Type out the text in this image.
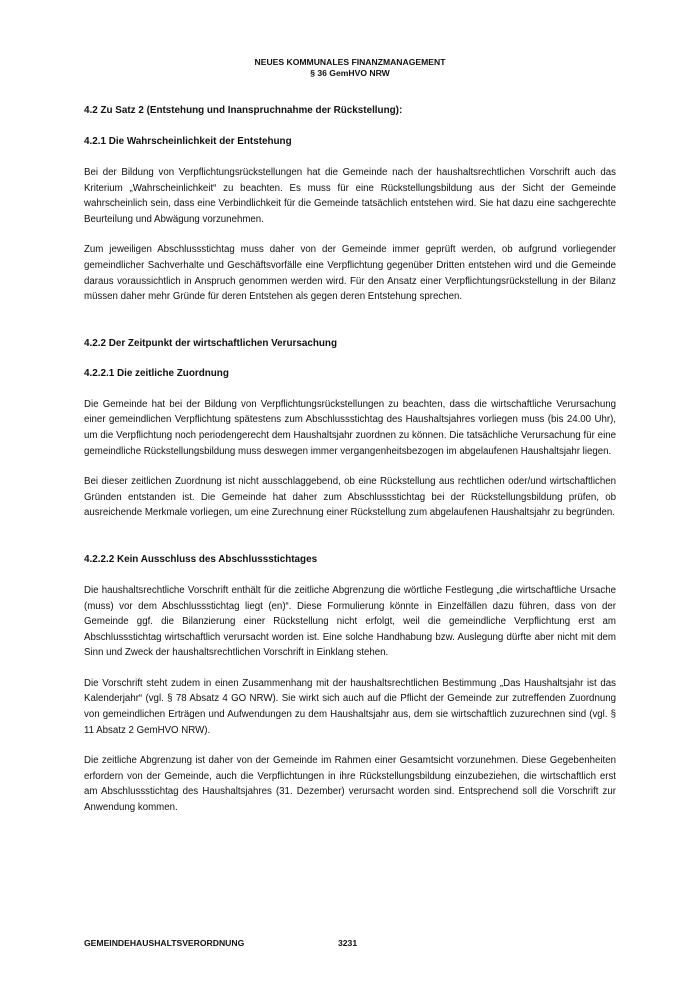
NEUES KOMMUNALES FINANZMANAGEMENT
§ 36 GemHVO NRW
4.2 Zu Satz 2 (Entstehung und Inanspruchnahme der Rückstellung):
4.2.1 Die Wahrscheinlichkeit der Entstehung

Bei der Bildung von Verpflichtungsrückstellungen hat die Gemeinde nach der haushaltsrechtlichen Vorschrift auch das Kriterium „Wahrscheinlichkeit“ zu beachten. Es muss für eine Rückstellungsbildung aus der Sicht der Gemeinde wahrscheinlich sein, dass eine Verbindlichkeit für die Gemeinde tatsächlich entstehen wird. Sie hat dazu eine sachgerechte Beurteilung und Abwägung vorzunehmen.

Zum jeweiligen Abschlussstichtag muss daher von der Gemeinde immer geprüft werden, ob aufgrund vorliegender gemeindlicher Sachverhalte und Geschäftsvorfälle eine Verpflichtung gegenüber Dritten entstehen wird und die Gemeinde daraus voraussichtlich in Anspruch genommen werden wird. Für den Ansatz einer Verpflichtungsrückstellung in der Bilanz müssen daher mehr Gründe für deren Entstehen als gegen deren Entstehung sprechen.

4.2.2 Der Zeitpunkt der wirtschaftlichen Verursachung
4.2.2.1 Die zeitliche Zuordnung

Die Gemeinde hat bei der Bildung von Verpflichtungsrückstellungen zu beachten, dass die wirtschaftliche Verursachung einer gemeindlichen Verpflichtung spätestens zum Abschlussstichtag des Haushaltsjahres vorliegen muss (bis 24.00 Uhr), um die Verpflichtung noch periodengerecht dem Haushaltsjahr zuordnen zu können. Die tatsächliche Verursachung für eine gemeindliche Rückstellungsbildung muss deswegen immer vergangenheitsbezogen im abgelaufenen Haushaltsjahr liegen.

Bei dieser zeitlichen Zuordnung ist nicht ausschlaggebend, ob eine Rückstellung aus rechtlichen oder/und wirtschaftlichen Gründen entstanden ist. Die Gemeinde hat daher zum Abschlussstichtag bei der Rückstellungsbildung prüfen, ob ausreichende Merkmale vorliegen, um eine Zurechnung einer Rückstellung zum abgelaufenen Haushaltsjahr zu begründen.

4.2.2.2 Kein Ausschluss des Abschlussstichtages

Die haushaltsrechtliche Vorschrift enthält für die zeitliche Abgrenzung die wörtliche Festlegung „die wirtschaftliche Ursache (muss) vor dem Abschlussstichtag liegt (en)“. Diese Formulierung könnte in Einzelfällen dazu führen, dass von der Gemeinde ggf. die Bilanzierung einer Rückstellung nicht erfolgt, weil die gemeindliche Verpflichtung erst am Abschlussstichtag wirtschaftlich verursacht worden ist. Eine solche Handhabung bzw. Auslegung dürfte aber nicht mit dem Sinn und Zweck der haushaltsrechtlichen Vorschrift in Einklang stehen.

Die Vorschrift steht zudem in einen Zusammenhang mit der haushaltsrechtlichen Bestimmung „Das Haushaltsjahr ist das Kalenderjahr“ (vgl. § 78 Absatz 4 GO NRW). Sie wirkt sich auch auf die Pflicht der Gemeinde zur zutreffenden Zuordnung von gemeindlichen Erträgen und Aufwendungen zu dem Haushaltsjahr aus, dem sie wirtschaftlich zuzurechnen sind (vgl. § 11 Absatz 2 GemHVO NRW).

Die zeitliche Abgrenzung ist daher von der Gemeinde im Rahmen einer Gesamtsicht vorzunehmen. Diese Gegebenheiten erfordern von der Gemeinde, auch die Verpflichtungen in ihre Rückstellungsbildung einzubeziehen, die wirtschaftlich erst am Abschlussstichtag des Haushaltsjahres (31. Dezember) verursacht worden sind. Entsprechend soll die Vorschrift zur Anwendung kommen.

GEMEINDEHAUSHALTSVERORDNUNG	3231
